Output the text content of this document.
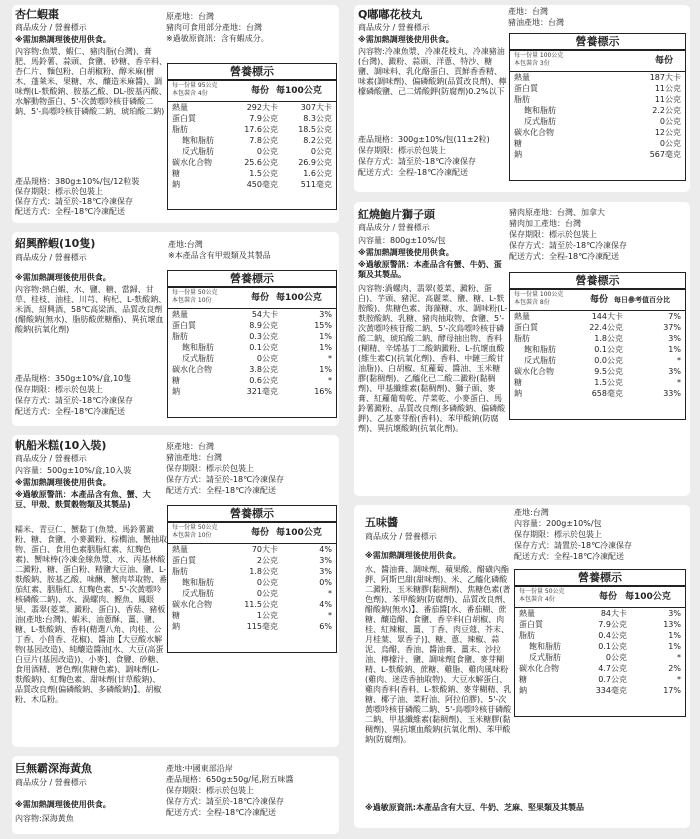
杏仁蝦棗
商品成分 / 營養標示
※需加熱調理後使用供食。
內容物:魚漿、蝦仁、豬肉脂(台灣)、膏肥、馬鈴薯、蒜頭、食鹽、砂糖、香辛料、杏仁片、麵包粉、白胡椒粉、醇米麻(樹木、蓬萊米、果糖、水、釀造米麻醬)、調味劑(L-麩酸鈉、胺基乙酸、DL-胺基丙酸、水解動物蛋白、5'-次黃嘌呤核苷磷酸二鈉、5'-鳥嘌呤核苷磷酸二鈉、琥珀酸二鈉)
產品規格：380g±10%/包/12粒裝
保存期限：標示於包裝上
保存方式：請至於-18℃冷凍保存
配送方式：全程-18℃冷凍配送
原產地：台灣
豬肉可食用部分產地：台灣
※過敏原資訊：含有蝦成分。
營養標示
每一份量 95公克
本包裝含 4份	每份 每100公克
熱量	292大卡	307大卡
蛋白質	7.9公克	8.3公克
脂肪	17.6公克	18.5公克
飽和脂肪	7.8公克	8.2公克
反式脂肪	0公克	0公克
碳水化合物	25.6公克	26.9公克
糖	1.5公克	1.6公克
鈉	450毫克	511毫克
Q嘟嘟花枝丸
商品成分 / 營養標示
※需加熱調理後使用供食。
內容物:冷凍魚漿、冷凍花枝丸、冷凍豬油(台灣)、澱粉、蒜頭、洋蔥、特沙、糖鹽、調味料、乳化酪蛋白、貢鮮香香精、味素(調味劑)、偏磷酸鈉(品質改良劑)、檸檬磷酸鹽、己二烯酸鉀(防腐劑)0.2%以下
產品規格：300g±10%/包(11±2粒)
保存期限：標示於包裝上
保存方式：請至於-18℃冷凍保存
配送方式：全程-18℃冷凍配送
產地：台灣
豬油產地：台灣
營養標示
每一份量 100公克
本包裝含 3份	每份
熱量	187大卡
蛋白質	11公克
脂肪	11公克
飽和脂肪	2.2公克
反式脂肪	0公克
碳水化合物	12公克
糖	0公克
鈉	567毫克
紹興醉蝦(10隻)
商品成分 / 營養標示
※需加熱調理後使用供食。
內容物:熱白蝦、水、鹽、糖、當歸、甘草、桂枝、油桂、川芎、枸杞、L-麩酸鈉、米酒、紹興酒、58℃高梁酒、品質改良劑(醋酸鈉(無水)、脂肪酸蔗糖酯)、異抗壞血酸鈉(抗氧化劑)
產品規格：350g±10%/盒,10隻
保存期限：標示於包裝上
保存方式：請至於-18℃冷凍保存
配送方式：全程-18℃冷凍配送
產地:台灣
※本產品含有甲殼類及其製品
營養標示
每一份量 50公克
本包裝含 10份	每份 每100公克
熱量	54大卡	3%
蛋白質	8.9公克	15%
脂肪	0.3公克	1%
飽和脂肪	0.1公克	1%
反式脂肪	0公克	*
碳水化合物	3.8公克	1%
糖	0.6公克	*
鈉	321毫克	16%
紅燒鮑片獅子頭
商品成分 / 營養標示
內容量：800g±10%/包
※需加熱調理後使用供食。
※過敏原警訊：本產品含有蟹、牛奶、蛋類及其製品。
內容物:渦螺肉、翡翠(菱菜、澱粉、蛋白)、芋頭、豬泥、高麗菜、鹽、糖、L-麩胺酸)、焦糖色素、海藻糖、水、調味粉(L-麩胺酸鈉、乳糖、豬肉抽取物、食鹽、5'-次黃嘌呤核苷酸二鈉、5'-次鳥嘌呤核苷磷酸二鈉、琥珀酸二鈉、酵母抽出物、香料(糊精、辛烯基丁二酸鈉澱粉、L-抗壞血酸(維生素C)(抗氧化劑)、香料、中鏈三酸甘油脂))、白胡椒、紅蘿蔔、醬油、玉米糖膠(黏稠劑)、乙醯化已二酸二澱粉(黏稠劑)、甲基纖維素(黏稠劑)、獅子頭、麥膏、紅蘿葡萄乾、芹菜乾、小麥蛋白、馬鈴薯澱粉、品質改良劑(多磷酸鈉、偏磷酸鉀)、乙基麥芽酚(香料)、苯甲酸鈉(防腐劑)、異抗壞酸鈉(抗氧化劑)。
豬肉原產地：台灣、加拿大
豬肉加工產地：台灣
保存期限：標示於包裝上
保存方式：請至於-18℃冷凍保存
配送方式：全程-18℃冷凍配送
營養標示
每一份量 100公克
本包裝含 8份	每份 每日參考值百分比
熱量	144大卡	7%
蛋白質	22.4公克	37%
脂肪	1.8公克	3%
飽和脂肪	0.1公克	1%
反式脂肪	0.0公克	*
碳水化合物	9.5公克	3%
糖	1.5公克	*
鈉	658毫克	33%
帆船米糕(10入裝)
商品成分 / 營養標示
內容量：500g±10%/盒,10入裝
※需加熱調理後使用供食。
※過敏原警訊：本產品含有魚、蟹、大豆、甲殼、麩質穀物類及其製品)
糯米、青豆仁、蟹黏丁(魚漿、馬鈴薯澱粉、糖、食鹽、小麥澱粉、棕櫚油、蟹抽取物、蛋白、食用色素胭脂紅素、紅麴色素)、蟹味棒(冷凍金線魚漿、水、丙基林酸二澱粉、糖、蛋白粉、精鹽大豆油、鹽、L-麩酸鈉、胺基乙酸、味醂、蟹肉萃取物、番茄紅素、胭脂紅、紅麴色素、5'-次黃嘌呤核磷酸二鈉)、水、渦螺肉、鰹魚、鳳眼果、翡翠(菱菜、澱粉、蛋白)、香菇、豬板油(產地:台灣)、蝦米、油蔥酥、薑、鹽、糖、L-麩酸鈉、香料(精選八角、肉桂、公丁香、小茴香、花椒)、醬油【大豆酸水解物(基因改造)、純釀造醬油[水、大豆(高蛋白豆片(基因改造))、小麥]、食鹽、砂糖、食用酒精、著色劑(焦糖色素)、調味劑(L-麩酸鈉)、紅麴色素、甜味劑(甘草酸鈉)、品質改良劑(偏磷酸鈉、多磷酸鈉)】、胡椒粉、木瓜粉。
原產地：台灣
豬油產地：台灣
保存期限：標示於包裝上
保存方式：請至於-18℃冷凍保存
配送方式：全程-18℃冷凍配送
營養標示
每一份量 50公克
本包裝含 10份	每份 每100公克
熱量	70大卡	4%
蛋白質	2公克	3%
脂肪	1.8公克	3%
飽和脂肪	0公克	0%
反式脂肪	0公克	*
碳水化合物	11.5公克	4%
糖	1公克	*
鈉	115毫克	6%
五味醬
商品成分 / 營養標示
※需加熱調理後使用供食。
水、醬油膏、調味劑、蘋果酸、醋磺內酯鉀、阿斯巴甜(甜味劑)、米、乙醯化磷酸二澱粉、玉米糖膠(黏稠劑)、焦糖色素(著色劑)、苯甲酸鈉(防腐劑)、品質改良劑、醋酸鈉(無水)】、番茄醬[水、番茄糊、蔗糖、釀造醋、食鹽、香辛料(白胡椒、肉桂、紅辣椒、薑、丁香、肉豆蔻、芥末、月桂葉、眾香子)]、糖、蔥、辣椒、蒜泥、烏醋、香油、醬油膏、薑末、沙拉油、檸檬汁、鹽、調味劑[食鹽、麥芽糊精、L-麩酸鈉、蔗糖、雞脂、雞肉風味粉(雞肉、迷迭香抽取物)、大豆水解蛋白、雞肉香料(香料、L-麩酸鈉、麥芽糊精、乳糖、椰子油、菜籽油、阿拉伯膠)、5'-次黃嘌呤核苷磷酸二鈉、5'-鳥嘌呤核苷磷酸二鈉、甲基纖維素(黏稠劑)、玉米糖膠(黏稠劑)、異抗壞血酸鈉(抗氧化劑)、苯甲酸鈉(防腐劑)。
※過敏原資訊:本產品含有大豆、牛奶、芝麻、堅果類及其製品
產地:台灣
內容量：200g±10%/包
保存期限：標示於包裝上
保存方式：請置於-18℃冷凍保存
配送方式：全程-18℃冷凍配送
營養標示
每一份量 50公克
本包裝含 4份	每份 每100公克
熱量	84大卡	3%
蛋白質	7.9公克	13%
脂肪	0.4公克	1%
飽和脂肪	0.1公克	1%
反式脂肪	0公克	*
碳水化合物	4.7公克	2%
糖	0.7公克	*
鈉	334毫克	17%
巨無霸深海黃魚
商品成分 / 營養標示
※需加熱調理後使用供食。
內容物:深海黃魚
產地:中國東部沿岸
產品規格：650g±50g/尾,附五味醬
保存期限：標示於包裝上
保存方式：請至於-18℃冷凍保存
配送方式：全程-18℃冷凍配送
